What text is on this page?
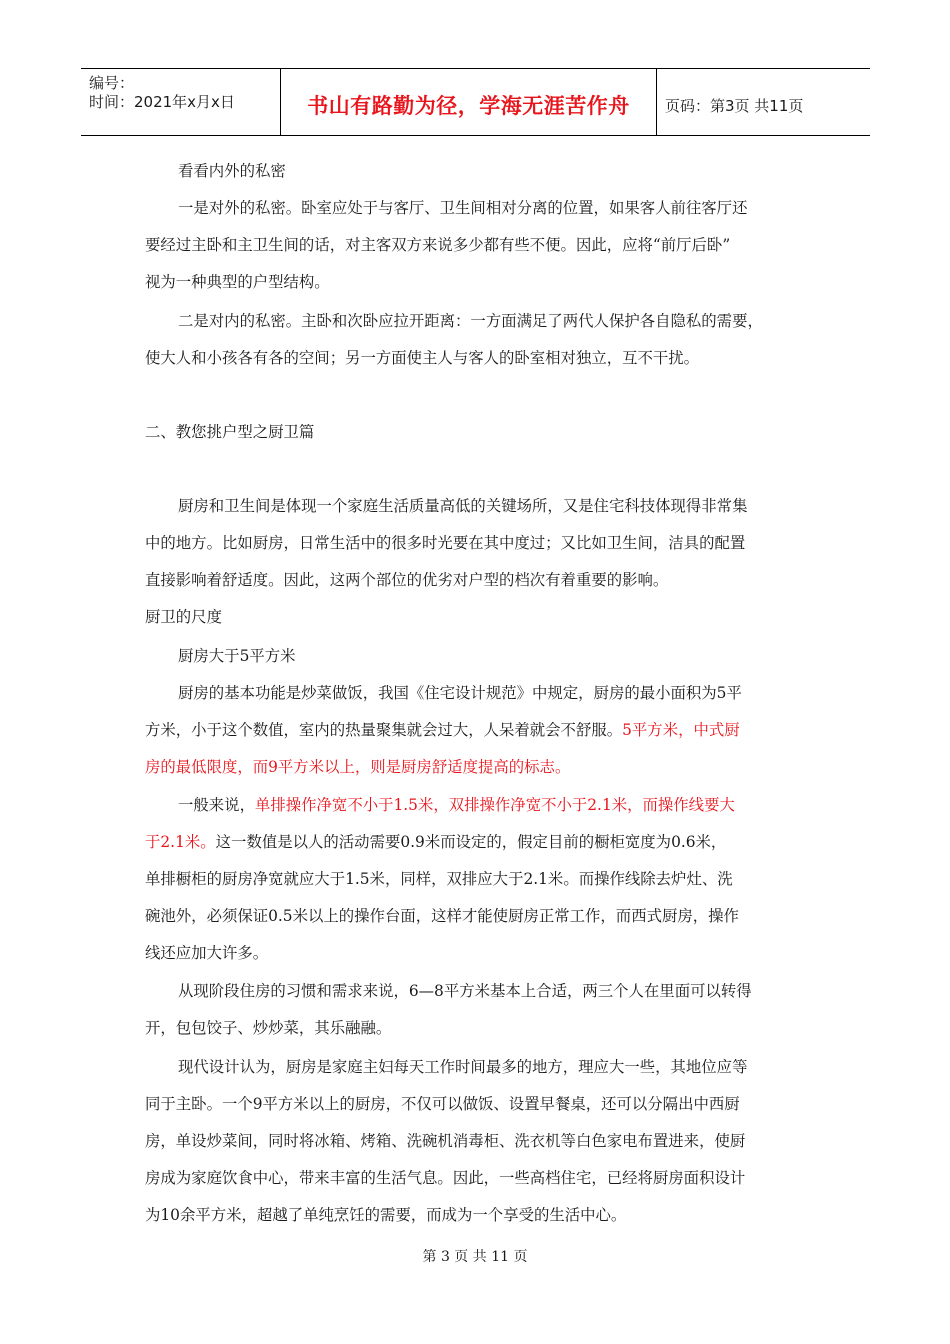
编号：
时间：2021年x月x日	书山有路勤为径，学海无涯苦作舟	页码：第3页 共11页
看看内外的私密
一是对外的私密。卧室应处于与客厅、卫生间相对分离的位置，如果客人前往客厅还
要经过主卧和主卫生间的话，对主客双方来说多少都有些不便。因此，应将“前厅后卧”
视为一种典型的户型结构。
二是对内的私密。主卧和次卧应拉开距离：一方面满足了两代人保护各自隐私的需要，
使大人和小孩各有各的空间；另一方面使主人与客人的卧室相对独立，互不干扰。
二、教您挑户型之厨卫篇
厨房和卫生间是体现一个家庭生活质量高低的关键场所，又是住宅科技体现得非常集
中的地方。比如厨房，日常生活中的很多时光要在其中度过；又比如卫生间，洁具的配置
直接影响着舒适度。因此，这两个部位的优劣对户型的档次有着重要的影响。
厨卫的尺度
厨房大于5平方米
厨房的基本功能是炒菜做饭，我国《住宅设计规范》中规定，厨房的最小面积为5平
方米，小于这个数值，室内的热量聚集就会过大，人呆着就会不舒服。5平方米，中式厨
房的最低限度，而9平方米以上，则是厨房舒适度提高的标志。
一般来说，单排操作净宽不小于1.5米，双排操作净宽不小于2.1米，而操作线要大
于2.1米。这一数值是以人的活动需要0.9米而设定的，假定目前的橱柜宽度为0.6米，
单排橱柜的厨房净宽就应大于1.5米，同样，双排应大于2.1米。而操作线除去炉灶、洗
碗池外，必须保证0.5米以上的操作台面，这样才能使厨房正常工作，而西式厨房，操作
线还应加大许多。
从现阶段住房的习惯和需求来说，6—8平方米基本上合适，两三个人在里面可以转得
开，包包饺子、炒炒菜，其乐融融。
现代设计认为，厨房是家庭主妇每天工作时间最多的地方，理应大一些，其地位应等
同于主卧。一个9平方米以上的厨房，不仅可以做饭、设置早餐桌，还可以分隔出中西厨
房，单设炒菜间，同时将冰箱、烤箱、洗碗机消毒柜、洗衣机等白色家电布置进来，使厨
房成为家庭饮食中心，带来丰富的生活气息。因此，一些高档住宅，已经将厨房面积设计
为10余平方米，超越了单纯烹饪的需要，而成为一个享受的生活中心。
第 3 页 共 11 页
